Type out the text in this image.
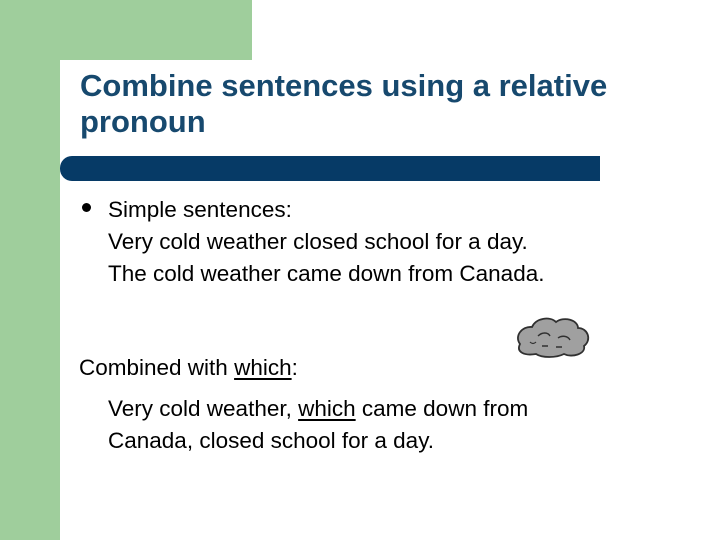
Combine sentences using a relative pronoun
Simple sentences:
Very cold weather closed school for a day.
The cold weather came down from Canada.
Combined with which:
Very cold weather, which came down from
Canada, closed school for a day.
